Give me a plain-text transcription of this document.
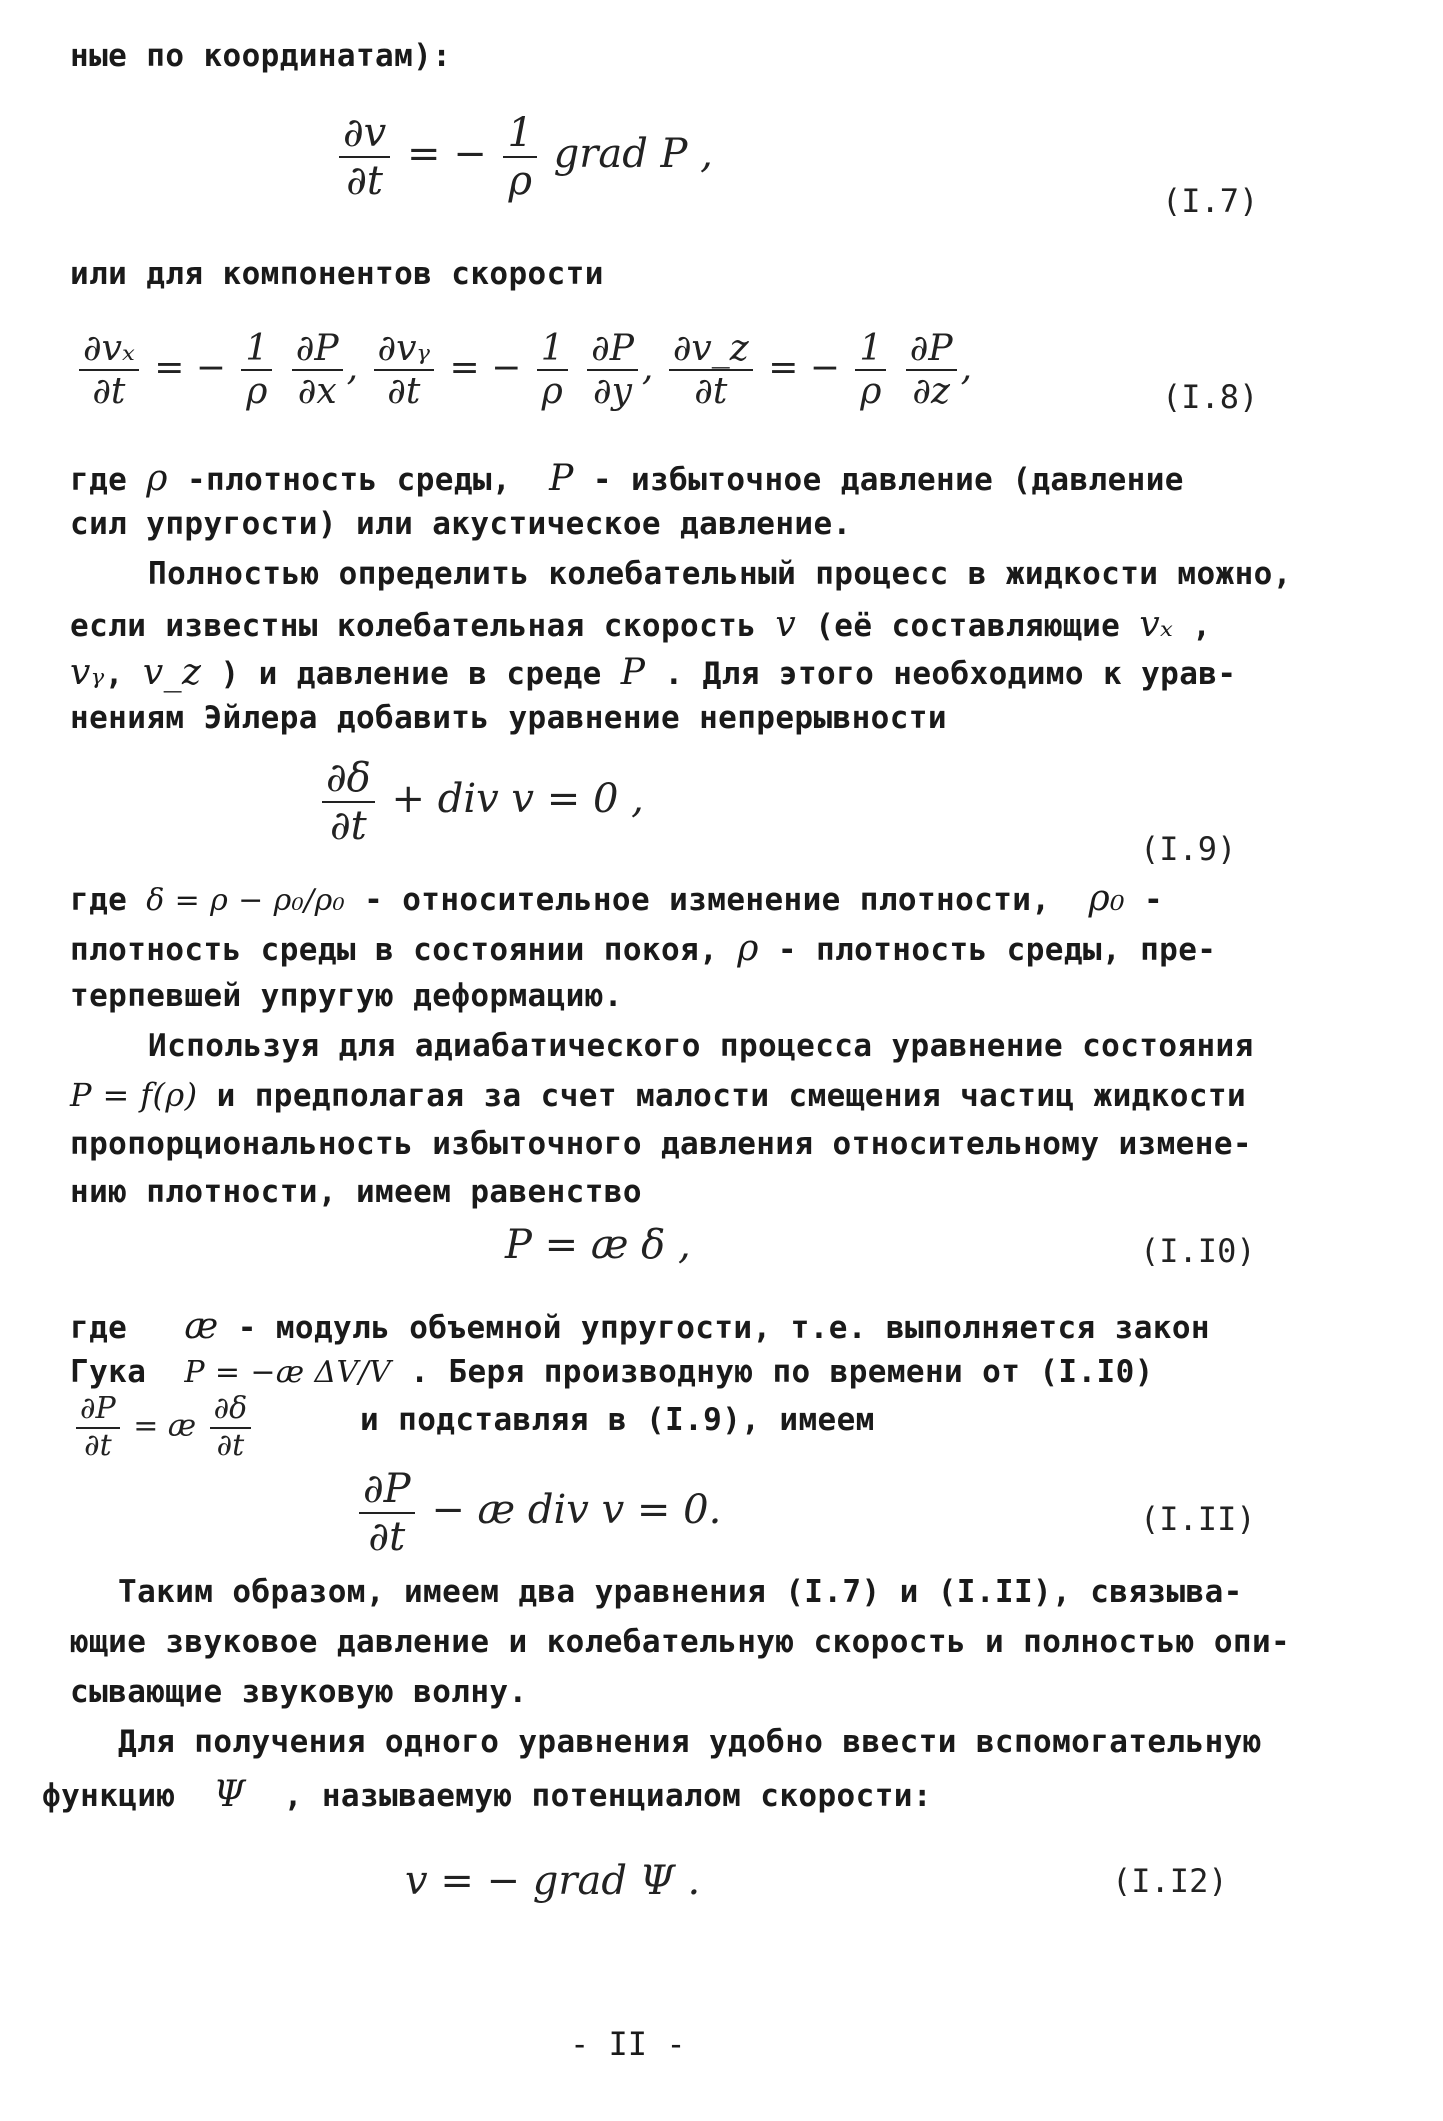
ные по координатам):
$\frac{\partial v}{\partial t}$ = − $\frac{1}{\rho}$ grad P ,
(I.7)
или для компонентов скорости
$\frac{\text{∂vₓ}}{\partial t}$ = − $\frac{1}{\rho}$
$\frac{\partial P}{\partial x}$ , $\frac{\text{∂vᵧ}}{\partial t}$ = − $\frac{1}{\rho}$
$\frac{\partial P}{\partial y}$ , $\frac{\partial v\_z}{\partial t}$ = − $\frac{1}{\rho}$
$\frac{\partial P}{\partial z}$ ,
(I.8)
где ρ -плотность среды, P - избыточное давление (давление
сил упругости) или акустическое давление.
Полностью определить колебательный процесс в жидкости можно,
если известны колебательная скорость v (её составляющие vₓ ,
vᵧ, v_z ) и давление в среде P . Для этого необходимо к урав-
нениям Эйлера добавить уравнение непрерывности
$\frac{\partial\delta}{\partial t}$ + div v = 0 ,
(I.9)
где δ = ρ − ρ₀/ρ₀ - относительное изменение плотности, ρ₀ -
плотность среды в состоянии покоя, ρ - плотность среды, пре-
терпевшей упругую деформацию.
Используя для адиабатического процесса уравнение состояния
P = f(ρ) и предполагая за счет малости смещения частиц жидкости
пропорциональность избыточного давления относительному измене-
нию плотности, имеем равенство
P = æ δ ,	(I.I0)
где æ - модуль объемной упругости, т.е. выполняется закон
Гука P = −æ ΔV/V . Беря производную по времени от (I.I0)
$\frac{\partial P}{\partial t}$ = æ $\frac{\partial\delta}{\partial t}$	и подставляя в (I.9), имеем
$\frac{\partial P}{\partial t}$ − æ div v = 0.	(I.II)
Таким образом, имеем два уравнения (I.7) и (I.II), связыва-
ющие звуковое давление и колебательную скорость и полностью опи-
сывающие звуковую волну.
Для получения одного уравнения удобно ввести вспомогательную
функцию Ψ , называемую потенциалом скорости:
v = − grad Ψ .	(I.I2)
- II -
